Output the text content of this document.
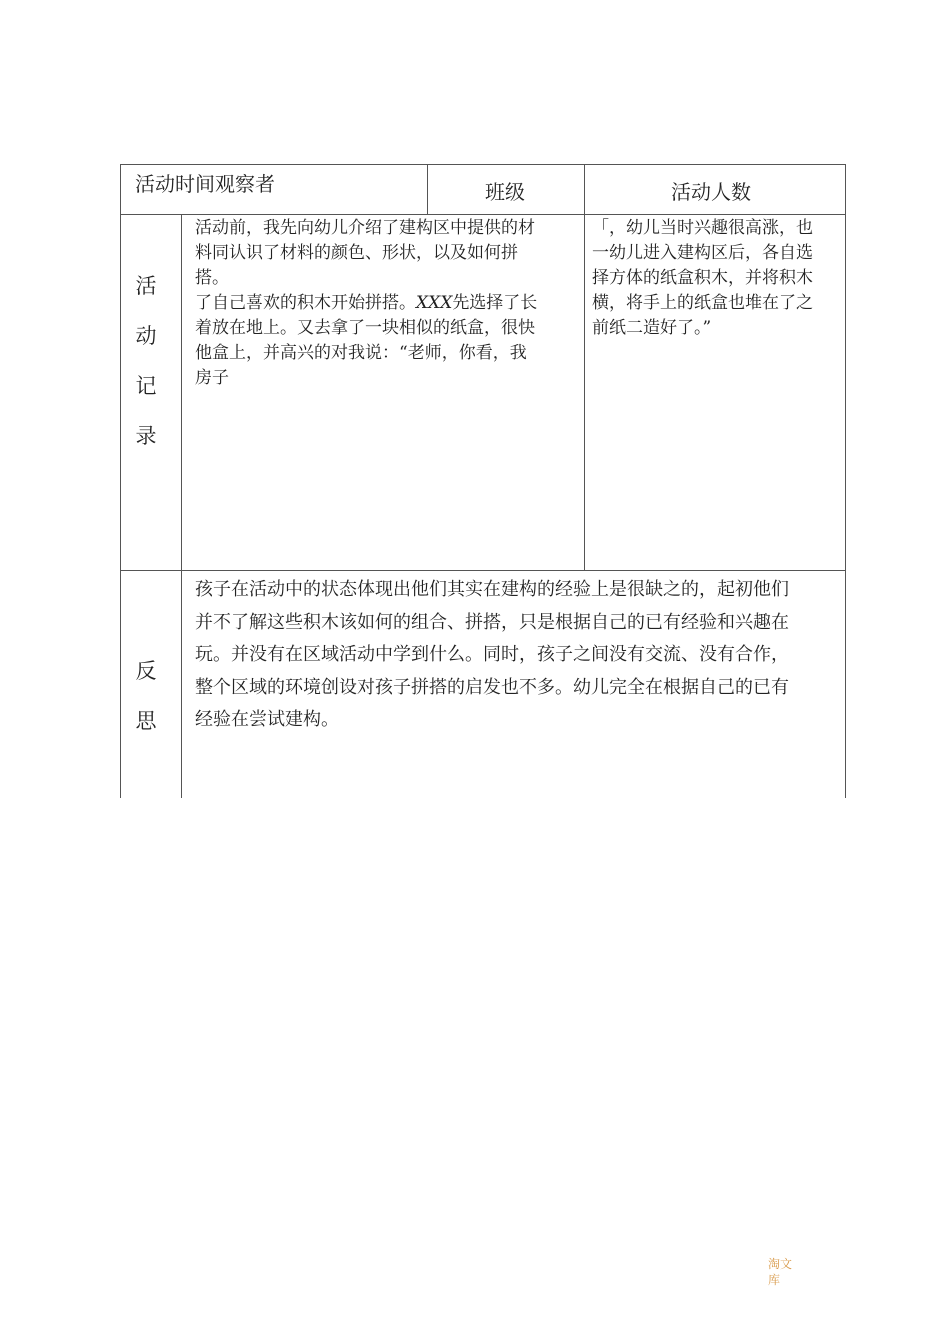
活动时间观察者	班级	活动人数
活
动
记
录
活动前，我先向幼儿介绍了建构区中提供的材
料同认识了材料的颜色、形状，以及如何拼
搭。
了自己喜欢的积木开始拼搭。XXX先选择了长
着放在地上。又去拿了一块相似的纸盒，很快
他盒上，并高兴的对我说：“老师，你看，我
房子
「，幼儿当时兴趣很高涨，也
一幼儿进入建构区后，各自选
择方体的纸盒积木，并将积木
横，将手上的纸盒也堆在了之
前纸二造好了。”
反
思
孩子在活动中的状态体现出他们其实在建构的经验上是很缺之的，起初他们
并不了解这些积木该如何的组合、拼搭，只是根据自己的已有经验和兴趣在
玩。并没有在区域活动中学到什么。同时，孩子之间没有交流、没有合作，
整个区域的环境创设对孩子拼搭的启发也不多。幼儿完全在根据自己的已有
经验在尝试建构。
淘文
库
